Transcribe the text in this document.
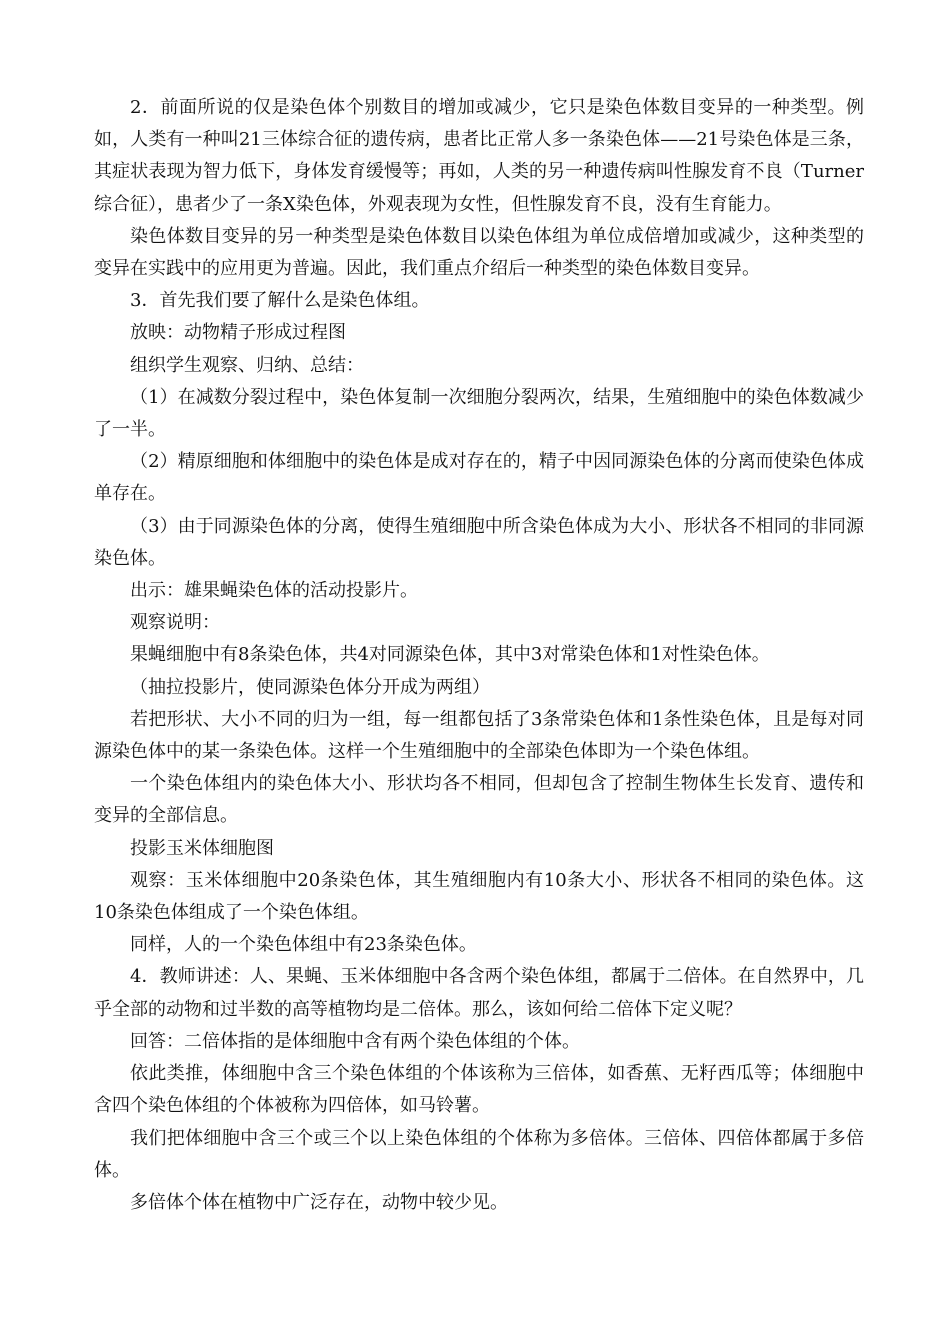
2．前面所说的仅是染色体个别数目的增加或减少，它只是染色体数目变异的一种类型。例如，人类有一种叫21三体综合征的遗传病，患者比正常人多一条染色体——21号染色体是三条，其症状表现为智力低下，身体发育缓慢等；再如，人类的另一种遗传病叫性腺发育不良（Turner综合征），患者少了一条X染色体，外观表现为女性，但性腺发育不良，没有生育能力。

染色体数目变异的另一种类型是染色体数目以染色体组为单位成倍增加或减少，这种类型的变异在实践中的应用更为普遍。因此，我们重点介绍后一种类型的染色体数目变异。

3．首先我们要了解什么是染色体组。

放映：动物精子形成过程图

组织学生观察、归纳、总结：

（1）在减数分裂过程中，染色体复制一次细胞分裂两次，结果，生殖细胞中的染色体数减少了一半。

（2）精原细胞和体细胞中的染色体是成对存在的，精子中因同源染色体的分离而使染色体成单存在。

（3）由于同源染色体的分离，使得生殖细胞中所含染色体成为大小、形状各不相同的非同源染色体。

出示：雄果蝇染色体的活动投影片。

观察说明：

果蝇细胞中有8条染色体，共4对同源染色体，其中3对常染色体和1对性染色体。

（抽拉投影片，使同源染色体分开成为两组）

若把形状、大小不同的归为一组，每一组都包括了3条常染色体和1条性染色体，且是每对同源染色体中的某一条染色体。这样一个生殖细胞中的全部染色体即为一个染色体组。

一个染色体组内的染色体大小、形状均各不相同，但却包含了控制生物体生长发育、遗传和变异的全部信息。

投影玉米体细胞图

观察：玉米体细胞中20条染色体，其生殖细胞内有10条大小、形状各不相同的染色体。这10条染色体组成了一个染色体组。

同样，人的一个染色体组中有23条染色体。

4．教师讲述：人、果蝇、玉米体细胞中各含两个染色体组，都属于二倍体。在自然界中，几乎全部的动物和过半数的高等植物均是二倍体。那么，该如何给二倍体下定义呢？

回答：二倍体指的是体细胞中含有两个染色体组的个体。

依此类推，体细胞中含三个染色体组的个体该称为三倍体，如香蕉、无籽西瓜等；体细胞中含四个染色体组的个体被称为四倍体，如马铃薯。

我们把体细胞中含三个或三个以上染色体组的个体称为多倍体。三倍体、四倍体都属于多倍体。

多倍体个体在植物中广泛存在，动物中较少见。
